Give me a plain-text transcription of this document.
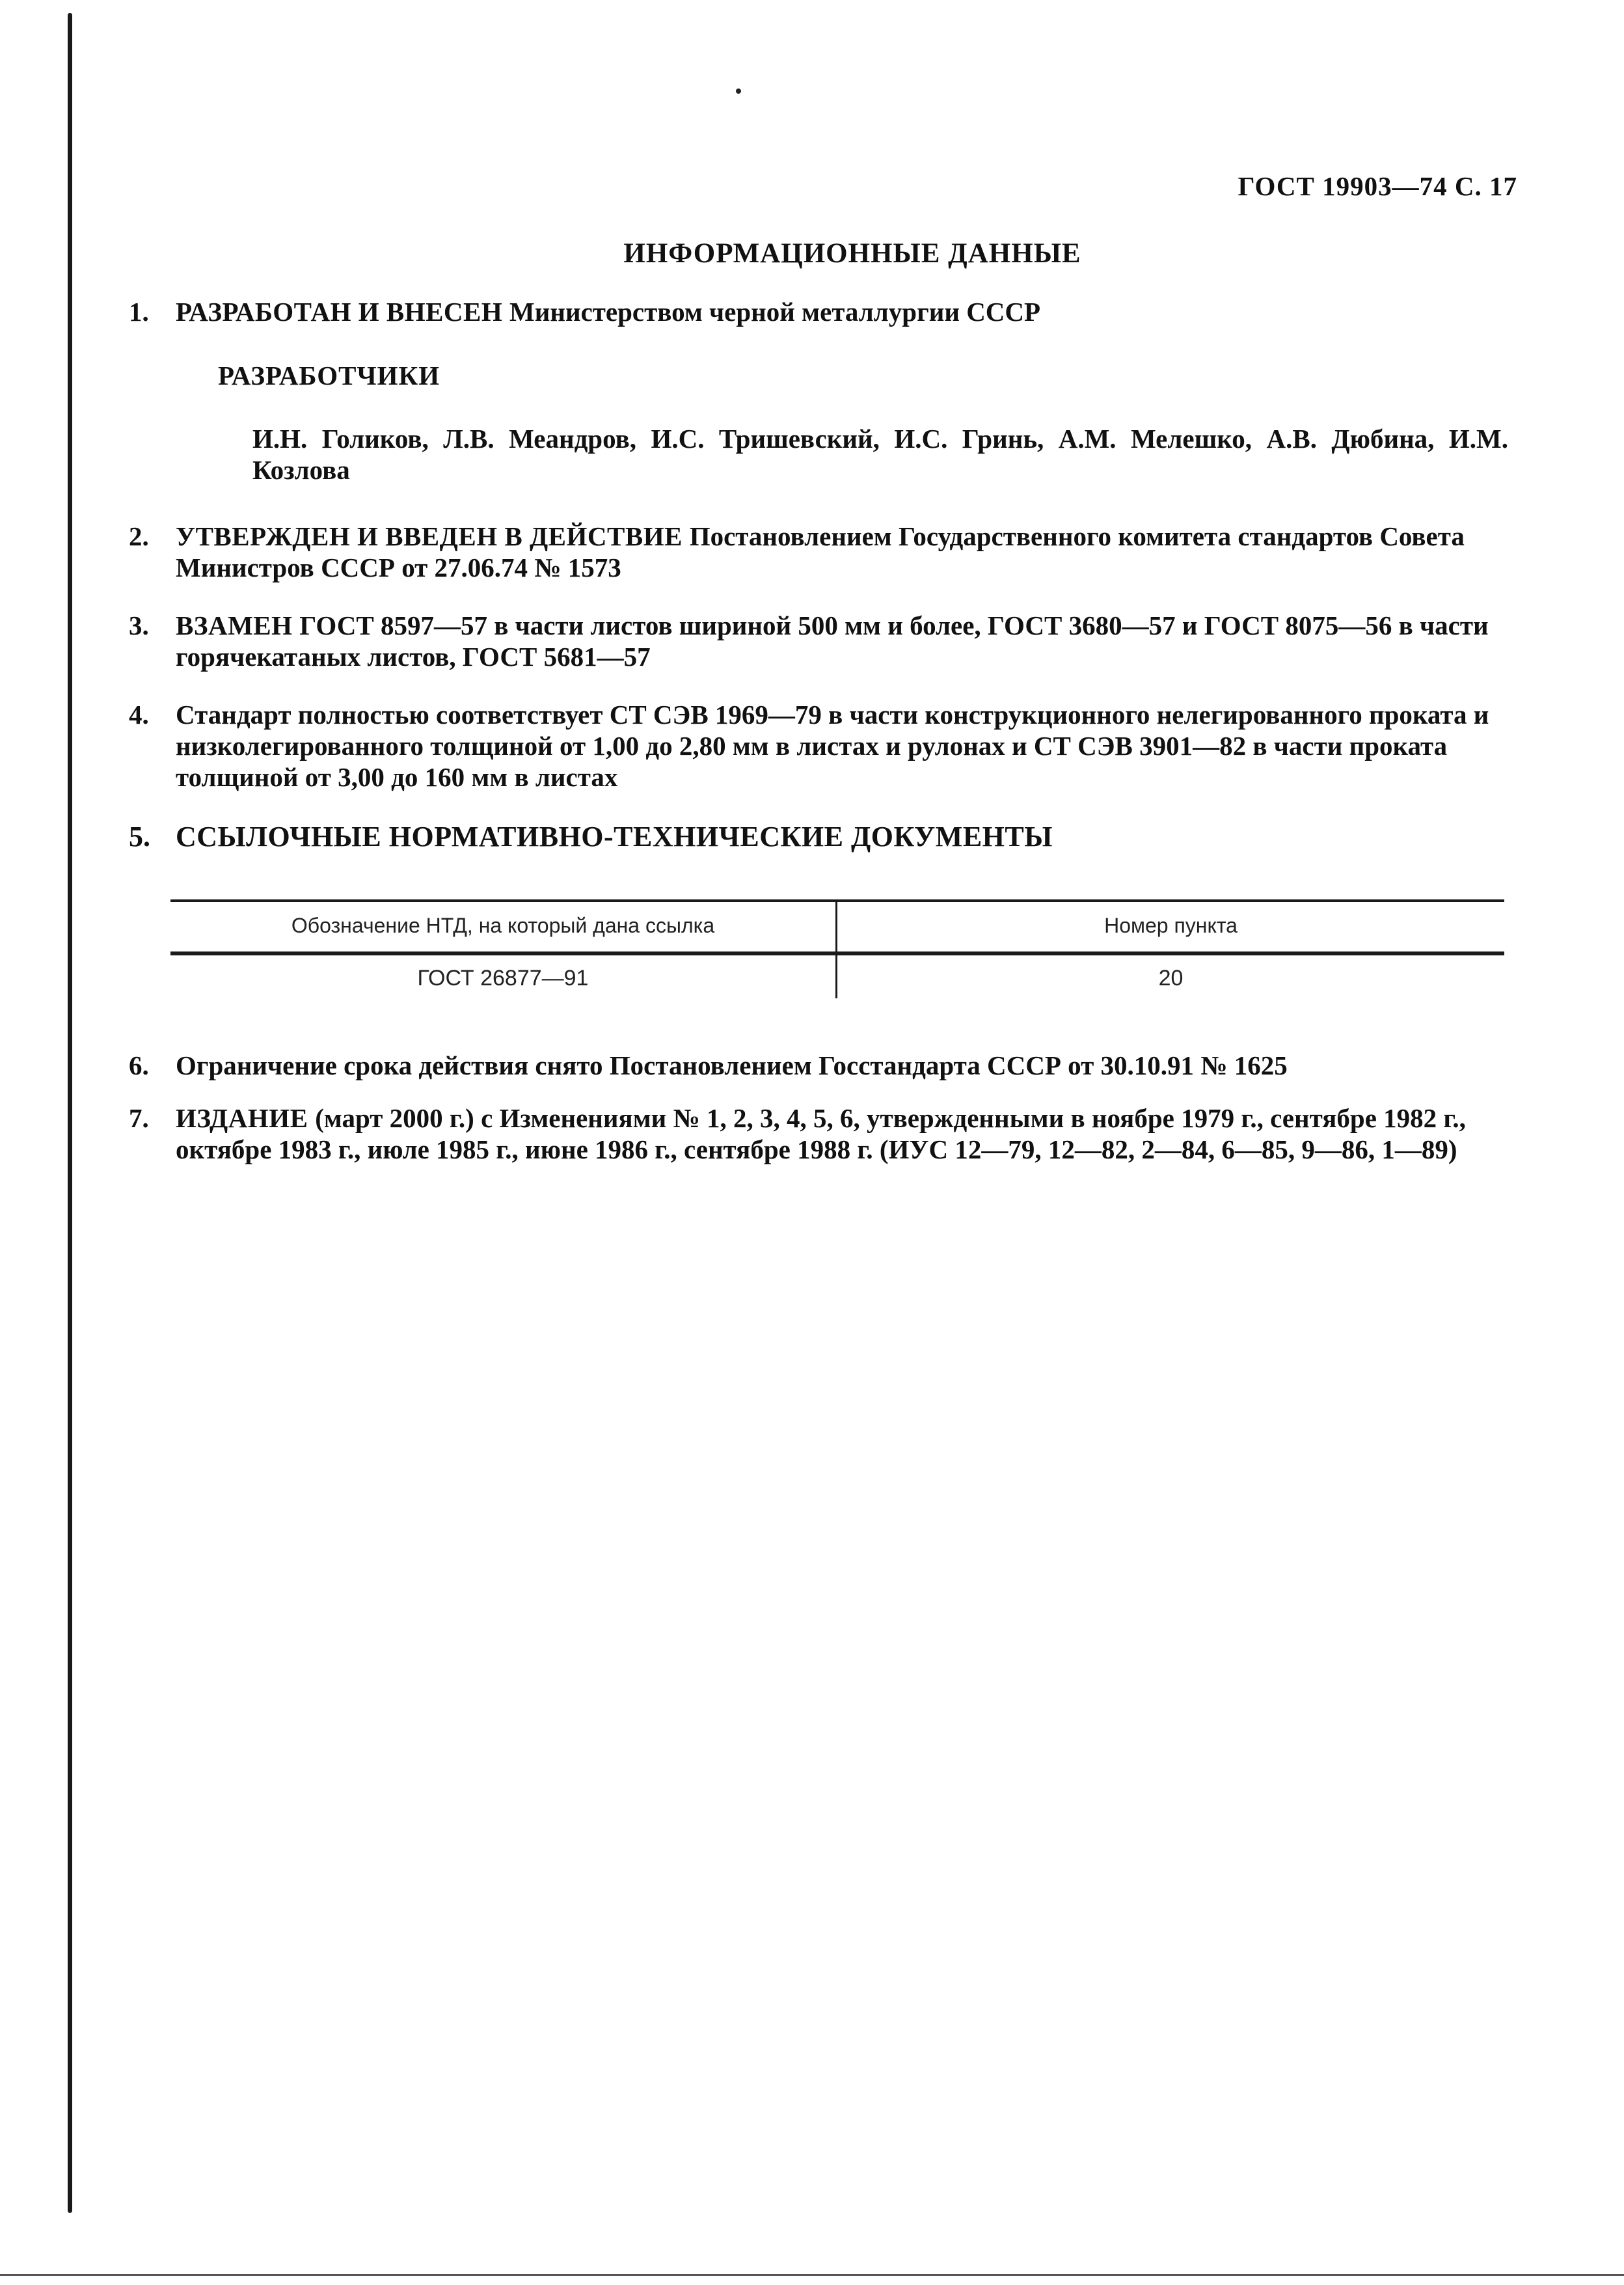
ГОСТ 19903—74 С. 17
ИНФОРМАЦИОННЫЕ ДАННЫЕ
1. РАЗРАБОТАН И ВНЕСЕН Министерством черной металлургии СССР
РАЗРАБОТЧИКИ
И.Н. Голиков, Л.В. Меандров, И.С. Тришевский, И.С. Гринь, А.М. Мелешко, А.В. Дюбина, И.М. Козлова
2. УТВЕРЖДЕН И ВВЕДЕН В ДЕЙСТВИЕ Постановлением Государственного комитета стандартов Совета Министров СССР от 27.06.74 № 1573
3. ВЗАМЕН ГОСТ 8597—57 в части листов шириной 500 мм и более, ГОСТ 3680—57 и ГОСТ 8075—56 в части горячекатаных листов, ГОСТ 5681—57
4. Стандарт полностью соответствует СТ СЭВ 1969—79 в части конструкционного нелегированного проката и низколегированного толщиной от 1,00 до 2,80 мм в листах и рулонах и СТ СЭВ 3901—82 в части проката толщиной от 3,00 до 160 мм в листах
5. ССЫЛОЧНЫЕ НОРМАТИВНО-ТЕХНИЧЕСКИЕ ДОКУМЕНТЫ
Обозначение НТД, на который дана ссылка	Номер пункта
ГОСТ 26877—91	20
6. Ограничение срока действия снято Постановлением Госстандарта СССР от 30.10.91 № 1625
7. ИЗДАНИЕ (март 2000 г.) с Изменениями № 1, 2, 3, 4, 5, 6, утвержденными в ноябре 1979 г., сентябре 1982 г., октябре 1983 г., июле 1985 г., июне 1986 г., сентябре 1988 г. (ИУС 12—79, 12—82, 2—84, 6—85, 9—86, 1—89)
